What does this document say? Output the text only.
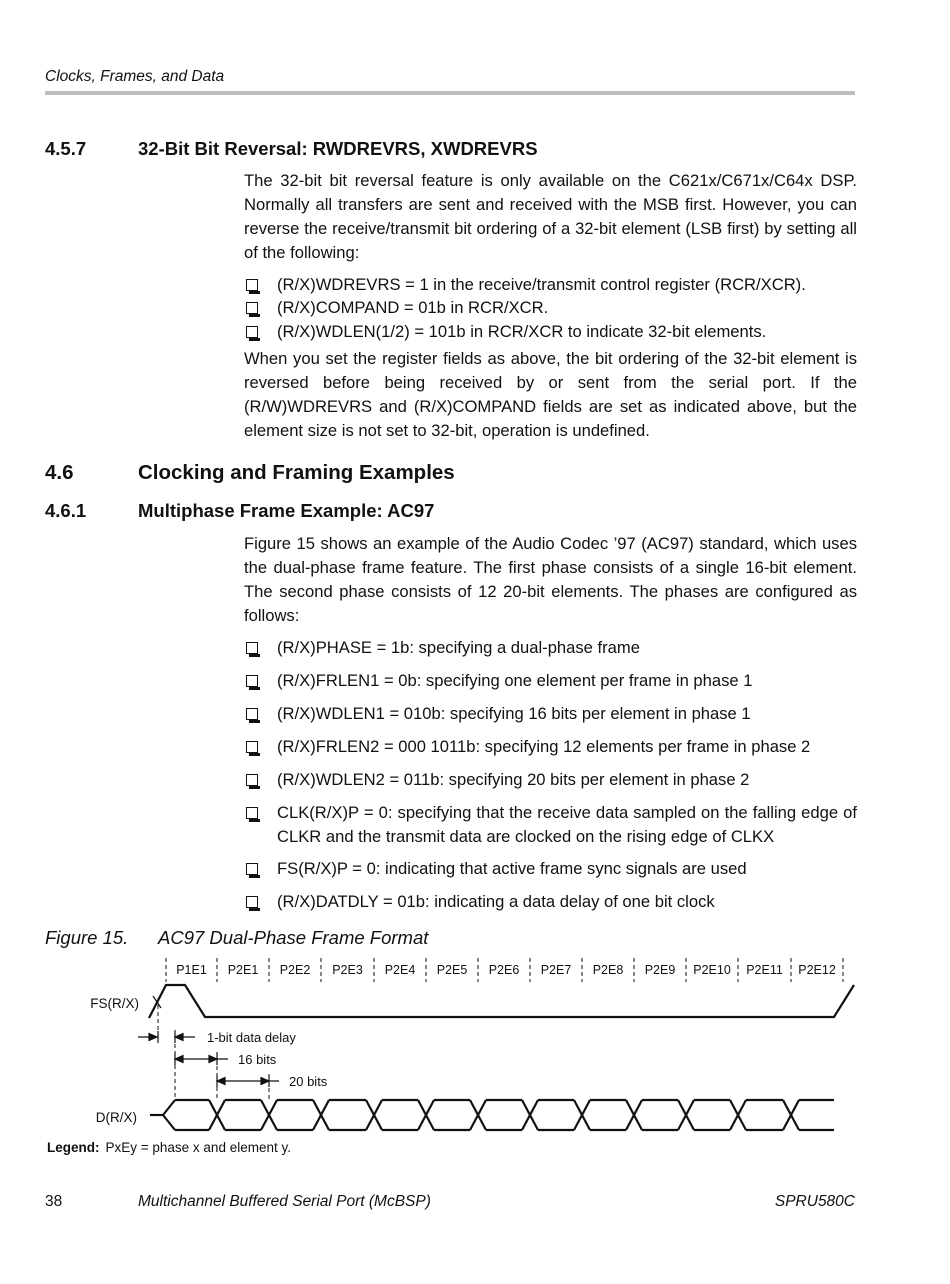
Clocks, Frames, and Data
4.5.7	32-Bit Bit Reversal: RWDREVRS, XWDREVRS
The 32-bit bit reversal feature is only available on the C621x/C671x/C64x DSP. Normally all transfers are sent and received with the MSB first. However, you can reverse the receive/transmit bit ordering of a 32-bit element (LSB first) by setting all of the following:
(R/X)WDREVRS = 1 in the receive/transmit control register (RCR/XCR).
(R/X)COMPAND = 01b in RCR/XCR.
(R/X)WDLEN(1/2) = 101b in RCR/XCR to indicate 32-bit elements.
When you set the register fields as above, the bit ordering of the 32-bit element is reversed before being received by or sent from the serial port. If the (R/W)WDREVRS and (R/X)COMPAND fields are set as indicated above, but the element size is not set to 32-bit, operation is undefined.
4.6	Clocking and Framing Examples
4.6.1	Multiphase Frame Example: AC97
Figure 15 shows an example of the Audio Codec ’97 (AC97) standard, which uses the dual-phase frame feature. The first phase consists of a single 16-bit element. The second phase consists of 12 20-bit elements. The phases are configured as follows:
(R/X)PHASE = 1b: specifying a dual-phase frame
(R/X)FRLEN1 = 0b: specifying one element per frame in phase 1
(R/X)WDLEN1 = 010b: specifying 16 bits per element in phase 1
(R/X)FRLEN2 = 000 1011b: specifying 12 elements per frame in phase 2
(R/X)WDLEN2 = 011b: specifying 20 bits per element in phase 2
CLK(R/X)P = 0: specifying that the receive data sampled on the falling edge of CLKR and the transmit data are clocked on the rising edge of CLKX
FS(R/X)P = 0: indicating that active frame sync signals are used
(R/X)DATDLY = 01b: indicating a data delay of one bit clock
Figure 15. AC97 Dual-Phase Frame Format
P1E1 P2E1 P2E2 P2E3 P2E4 P2E5 P2E6 P2E7 P2E8 P2E9 P2E10 P2E11 P2E12
FS(R/X)
D(R/X)
1-bit data delay
16 bits
20 bits
Legend: PxEy = phase x and element y.
38	Multichannel Buffered Serial Port (McBSP)	SPRU580C
